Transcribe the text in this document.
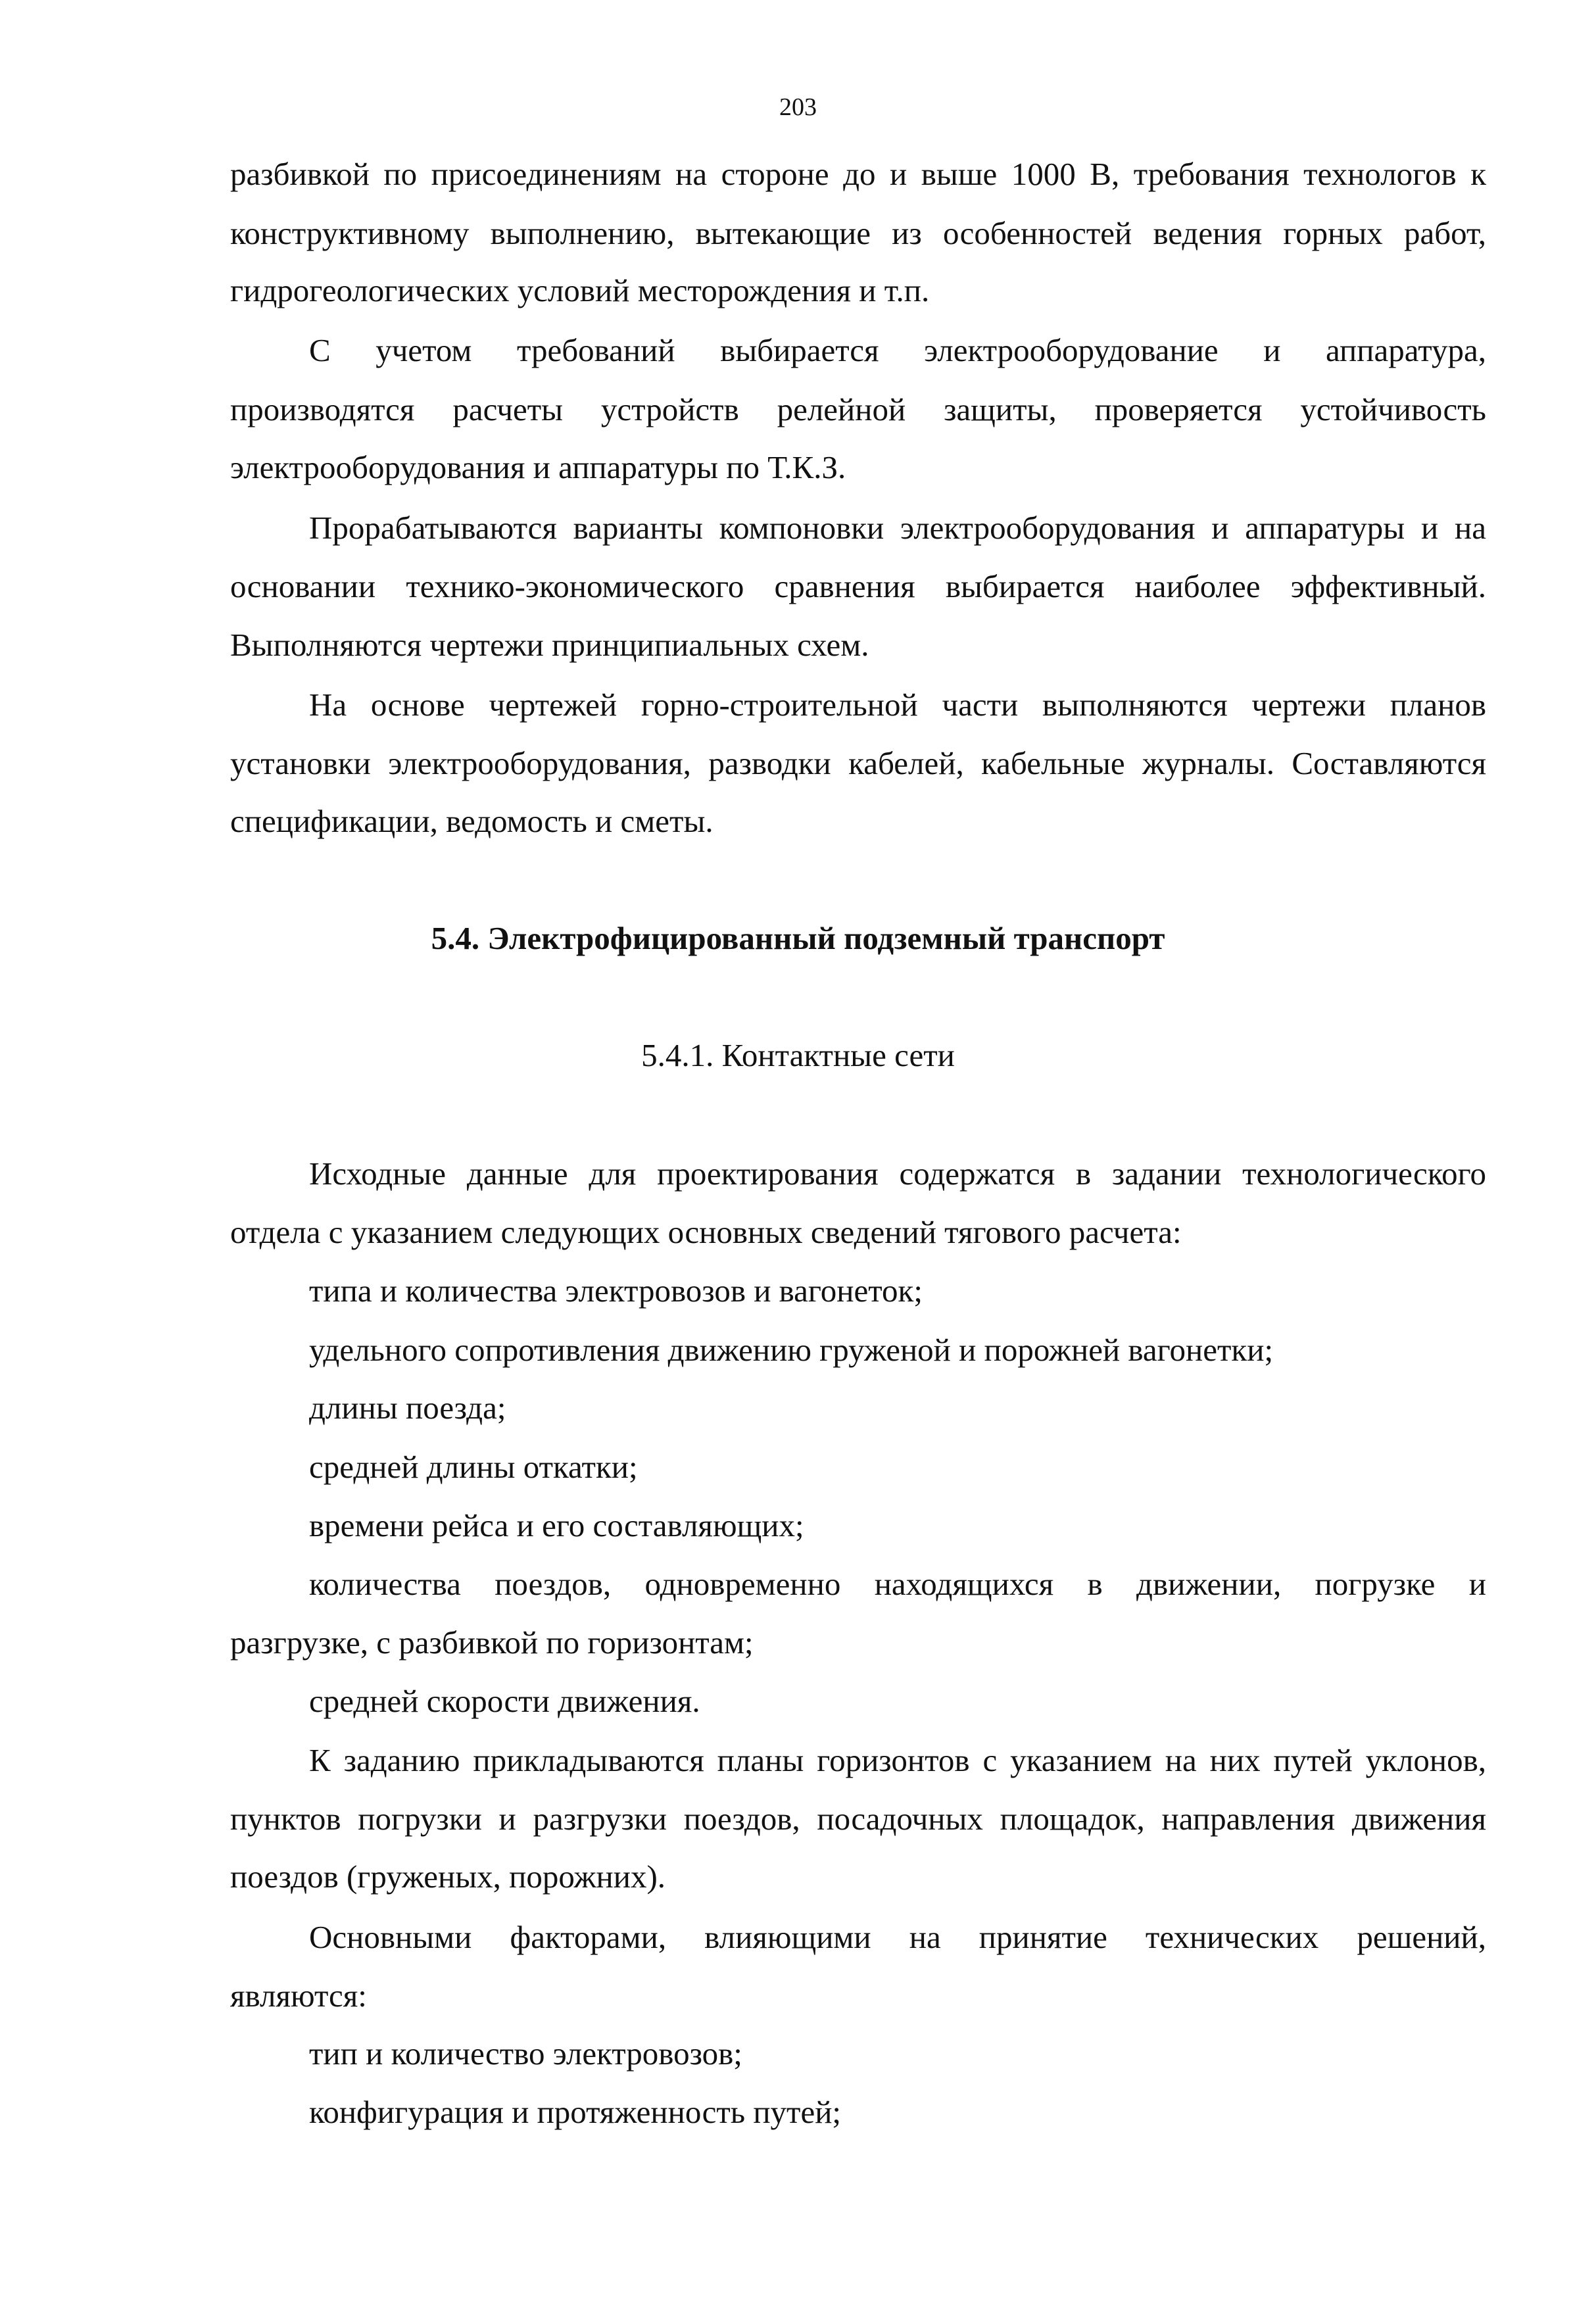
203
разбивкой по присоединениям на стороне до и выше 1000 В, требования технологов к
конструктивному выполнению, вытекающие из особенностей ведения горных работ,
гидрогеологических условий месторождения и т.п.
С учетом требований выбирается электрооборудование и аппаратура,
производятся расчеты устройств релейной защиты, проверяется устойчивость
электрооборудования и аппаратуры по Т.К.З.
Прорабатываются варианты компоновки электрооборудования и аппаратуры и на
основании технико-экономического сравнения выбирается наиболее эффективный.
Выполняются чертежи принципиальных схем.
На основе чертежей горно-строительной части выполняются чертежи планов
установки электрооборудования, разводки кабелей, кабельные журналы. Составляются
спецификации, ведомость и сметы.
5.4. Электрофицированный подземный транспорт
5.4.1. Контактные сети
Исходные данные для проектирования содержатся в задании технологического
отдела с указанием следующих основных сведений тягового расчета:
типа и количества электровозов и вагонеток;
удельного сопротивления движению груженой и порожней вагонетки;
длины поезда;
средней длины откатки;
времени рейса и его составляющих;
количества поездов, одновременно находящихся в движении, погрузке и
разгрузке, с разбивкой по горизонтам;
средней скорости движения.
К заданию прикладываются планы горизонтов с указанием на них путей уклонов,
пунктов погрузки и разгрузки поездов, посадочных площадок, направления движения
поездов (груженых, порожних).
Основными факторами, влияющими на принятие технических решений,
являются:
тип и количество электровозов;
конфигурация и протяженность путей;
